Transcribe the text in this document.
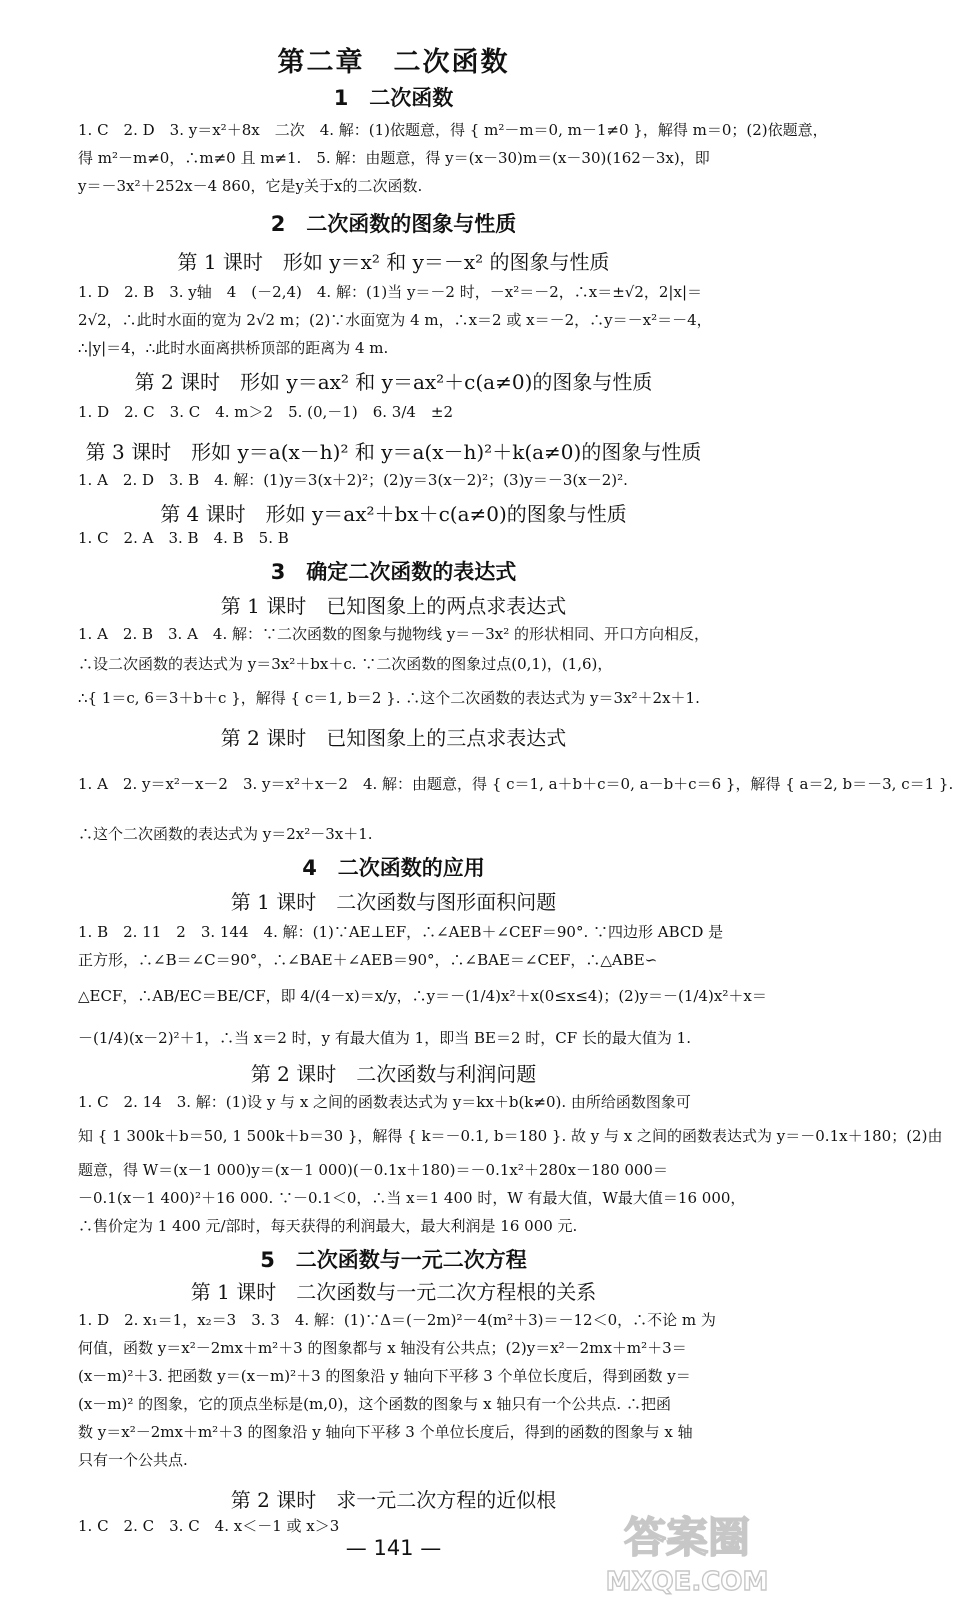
第二章　二次函数
1　二次函数
1. C　2. D　3. y＝x²＋8x　二次　4. 解：(1)依题意，得 { m²－m＝0, m－1≠0 }，解得 m＝0；(2)依题意，
得 m²－m≠0，∴m≠0 且 m≠1.　5. 解：由题意，得 y＝(x－30)m＝(x－30)(162－3x)，即
y＝－3x²＋252x－4 860，它是y关于x的二次函数.
2　二次函数的图象与性质
第 1 课时　形如 y＝x² 和 y＝－x² 的图象与性质
1. D　2. B　3. y轴　4　(－2,4)　4. 解：(1)当 y＝－2 时，－x²＝－2，∴x＝±√2，2|x|＝
2√2，∴此时水面的宽为 2√2 m；(2)∵水面宽为 4 m，∴x＝2 或 x＝－2，∴y＝－x²＝－4，
∴|y|＝4，∴此时水面离拱桥顶部的距离为 4 m.
第 2 课时　形如 y＝ax² 和 y＝ax²＋c(a≠0)的图象与性质
1. D　2. C　3. C　4. m＞2　5. (0,－1)　6. 3/4　±2
第 3 课时　形如 y＝a(x－h)² 和 y＝a(x－h)²＋k(a≠0)的图象与性质
1. A　2. D　3. B　4. 解：(1)y＝3(x＋2)²；(2)y＝3(x－2)²；(3)y＝－3(x－2)².
第 4 课时　形如 y＝ax²＋bx＋c(a≠0)的图象与性质
1. C　2. A　3. B　4. B　5. B
3　确定二次函数的表达式
第 1 课时　已知图象上的两点求表达式
1. A　2. B　3. A　4. 解：∵二次函数的图象与抛物线 y＝－3x² 的形状相同、开口方向相反，
∴设二次函数的表达式为 y＝3x²＋bx＋c. ∵二次函数的图象过点(0,1)，(1,6)，
∴{ 1＝c, 6＝3＋b＋c }，解得 { c＝1, b＝2 }. ∴这个二次函数的表达式为 y＝3x²＋2x＋1.
第 2 课时　已知图象上的三点求表达式
1. A　2. y＝x²－x－2　3. y＝x²＋x－2　4. 解：由题意，得 { c＝1, a＋b＋c＝0, a－b＋c＝6 }，解得 { a＝2, b＝－3, c＝1 }.
∴这个二次函数的表达式为 y＝2x²－3x＋1.
4　二次函数的应用
第 1 课时　二次函数与图形面积问题
1. B　2. 11　2　3. 144　4. 解：(1)∵AE⊥EF，∴∠AEB＋∠CEF＝90°. ∵四边形 ABCD 是
正方形，∴∠B＝∠C＝90°，∴∠BAE＋∠AEB＝90°，∴∠BAE＝∠CEF，∴△ABE∽
△ECF，∴AB/EC＝BE/CF，即 4/(4－x)＝x/y，∴y＝－(1/4)x²＋x(0≤x≤4)；(2)y＝－(1/4)x²＋x＝
－(1/4)(x－2)²＋1，∴当 x＝2 时，y 有最大值为 1，即当 BE＝2 时，CF 长的最大值为 1.
第 2 课时　二次函数与利润问题
1. C　2. 14　3. 解：(1)设 y 与 x 之间的函数表达式为 y＝kx＋b(k≠0). 由所给函数图象可
知 { 1 300k＋b＝50, 1 500k＋b＝30 }，解得 { k＝－0.1, b＝180 }. 故 y 与 x 之间的函数表达式为 y＝－0.1x＋180；(2)由
题意，得 W＝(x－1 000)y＝(x－1 000)(－0.1x＋180)＝－0.1x²＋280x－180 000＝
－0.1(x－1 400)²＋16 000. ∵－0.1＜0，∴当 x＝1 400 时，W 有最大值，W最大值＝16 000，
∴售价定为 1 400 元/部时，每天获得的利润最大，最大利润是 16 000 元.
5　二次函数与一元二次方程
第 1 课时　二次函数与一元二次方程根的关系
1. D　2. x₁＝1，x₂＝3　3. 3　4. 解：(1)∵Δ＝(－2m)²－4(m²＋3)＝－12＜0，∴不论 m 为
何值，函数 y＝x²－2mx＋m²＋3 的图象都与 x 轴没有公共点；(2)y＝x²－2mx＋m²＋3＝
(x－m)²＋3. 把函数 y＝(x－m)²＋3 的图象沿 y 轴向下平移 3 个单位长度后，得到函数 y＝
(x－m)² 的图象，它的顶点坐标是(m,0)，这个函数的图象与 x 轴只有一个公共点. ∴把函
数 y＝x²－2mx＋m²＋3 的图象沿 y 轴向下平移 3 个单位长度后，得到的函数的图象与 x 轴
只有一个公共点.
第 2 课时　求一元二次方程的近似根
1. C　2. C　3. C　4. x＜－1 或 x＞3
— 141 —	答案圈
MXQE.COM
